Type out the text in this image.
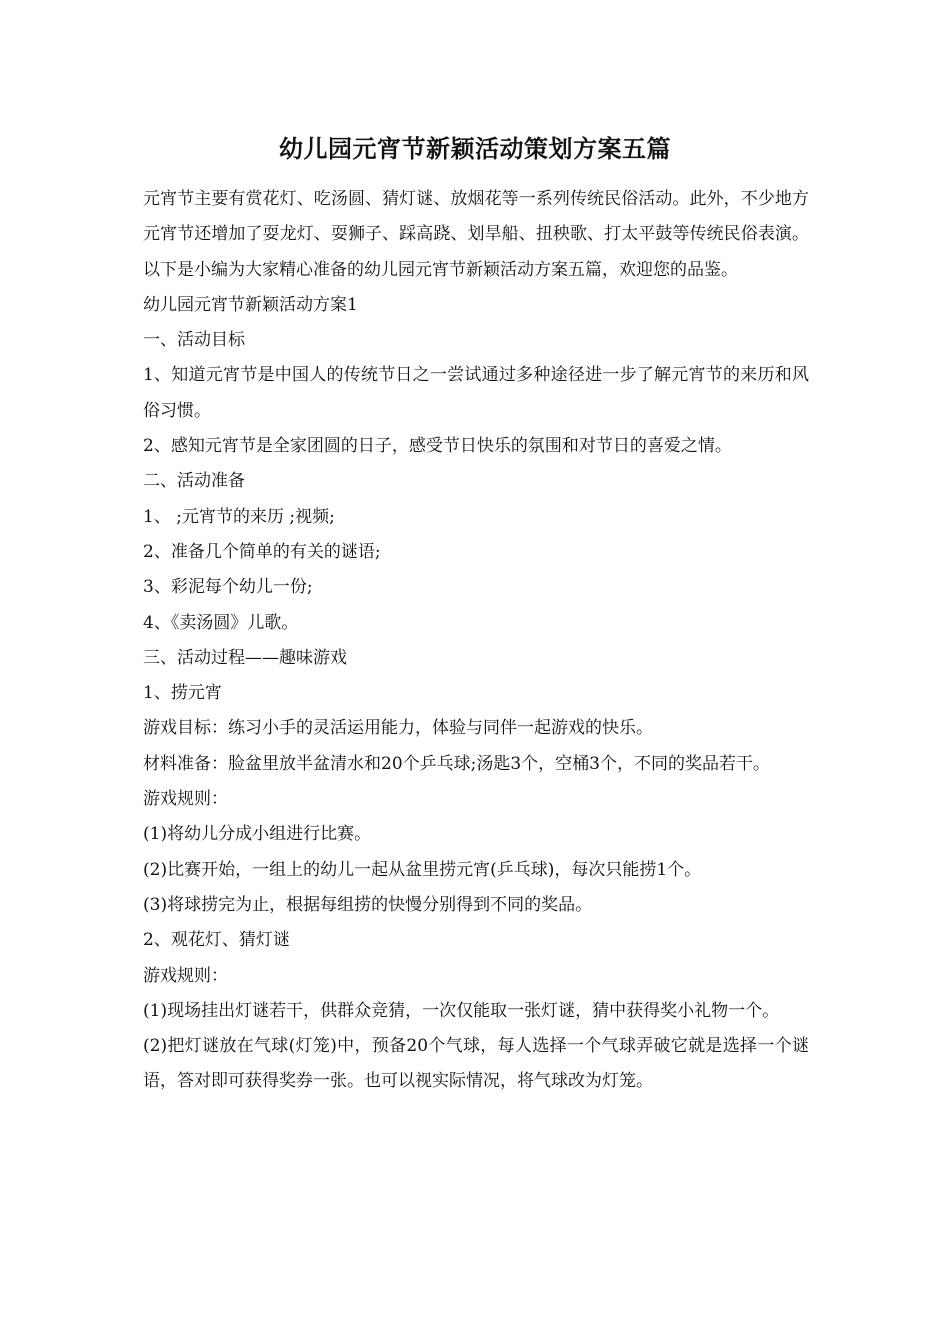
幼儿园元宵节新颖活动策划方案五篇

元宵节主要有赏花灯、吃汤圆、猜灯谜、放烟花等一系列传统民俗活动。此外，不少地方元宵节还增加了耍龙灯、耍狮子、踩高跷、划旱船、扭秧歌、打太平鼓等传统民俗表演。以下是小编为大家精心准备的幼儿园元宵节新颖活动方案五篇，欢迎您的品鉴。

幼儿园元宵节新颖活动方案1

一、活动目标

1、知道元宵节是中国人的传统节日之一尝试通过多种途径进一步了解元宵节的来历和风俗习惯。

2、感知元宵节是全家团圆的日子，感受节日快乐的氛围和对节日的喜爱之情。

二、活动准备

1、 ;元宵节的来历 ;视频;

2、准备几个简单的有关的谜语;

3、彩泥每个幼儿一份;

4、《卖汤圆》儿歌。

三、活动过程——趣味游戏

1、捞元宵

游戏目标：练习小手的灵活运用能力，体验与同伴一起游戏的快乐。

材料准备：脸盆里放半盆清水和20个乒乓球;汤匙3个，空桶3个，不同的奖品若干。

游戏规则：

(1)将幼儿分成小组进行比赛。

(2)比赛开始，一组上的幼儿一起从盆里捞元宵(乒乓球)，每次只能捞1个。

(3)将球捞完为止，根据每组捞的快慢分别得到不同的奖品。

2、观花灯、猜灯谜

游戏规则：

(1)现场挂出灯谜若干，供群众竞猜，一次仅能取一张灯谜，猜中获得奖小礼物一个。

(2)把灯谜放在气球(灯笼)中，预备20个气球，每人选择一个气球弄破它就是选择一个谜语，答对即可获得奖券一张。也可以视实际情况，将气球改为灯笼。
